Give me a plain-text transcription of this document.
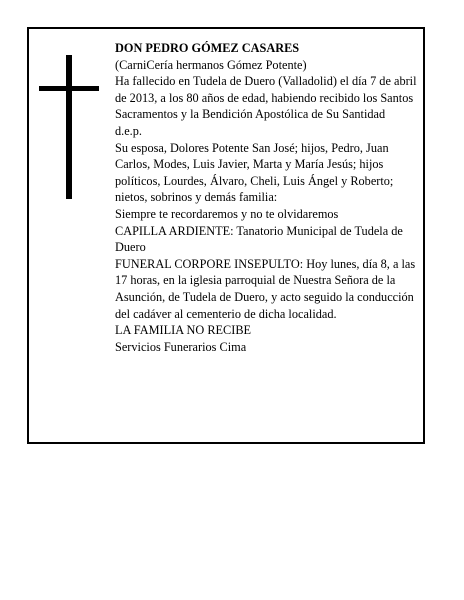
DON PEDRO GÓMEZ CASARES

(CarniCería hermanos Gómez Potente)

Ha fallecido en Tudela de Duero (Valladolid) el día 7 de abril de 2013, a los 80 años de edad, habiendo recibido los Santos Sacramentos y la Bendición Apostólica de Su Santidad

d.e.p.

Su esposa, Dolores Potente San José; hijos, Pedro, Juan Carlos, Modes, Luis Javier, Marta y María Jesús; hijos políticos, Lourdes, Álvaro, Cheli, Luis Ángel y Roberto; nietos, sobrinos y demás familia:

Siempre te recordaremos y no te olvidaremos

CAPILLA ARDIENTE: Tanatorio Municipal de Tudela de Duero

FUNERAL CORPORE INSEPULTO: Hoy lunes, día 8, a las 17 horas, en la iglesia parroquial de Nuestra Señora de la Asunción, de Tudela de Duero, y acto seguido la conducción del cadáver al cementerio de dicha localidad.

LA FAMILIA NO RECIBE

Servicios Funerarios Cima
